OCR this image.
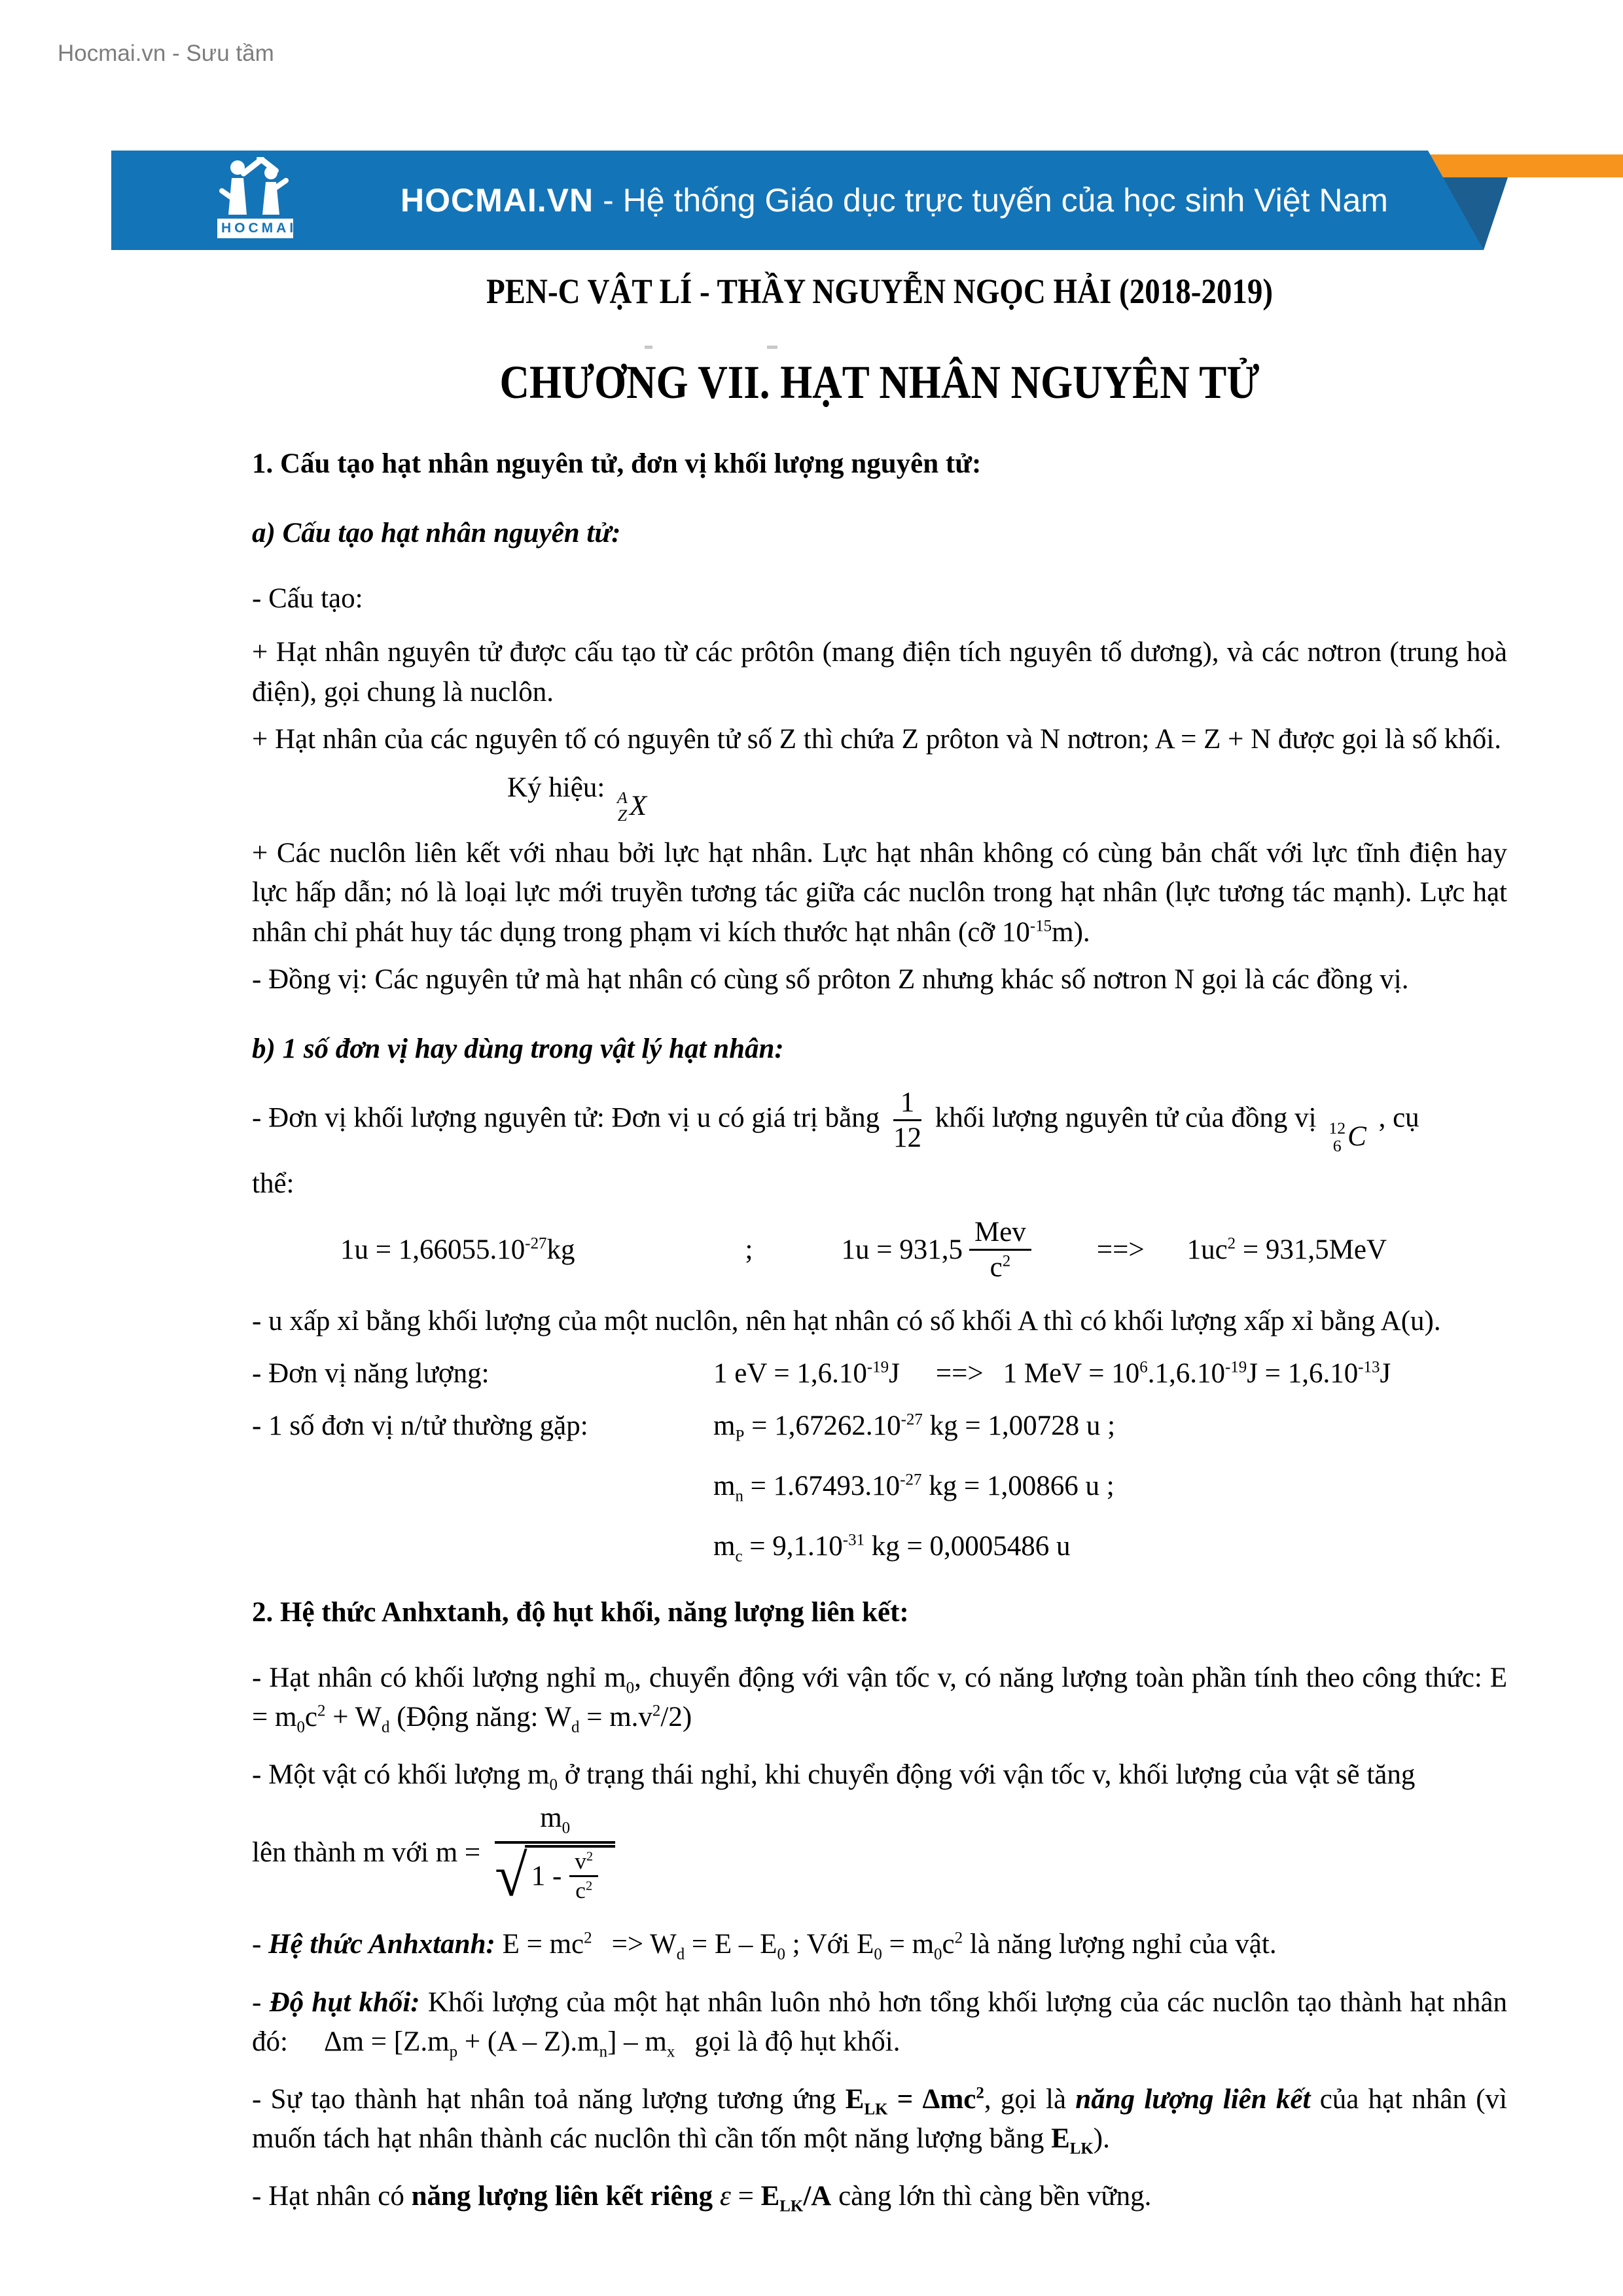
Hocmai.vn - Sưu tầm
HOCMAI
HOCMAI.VN - Hệ thống Giáo dục trực tuyến của học sinh Việt Nam
PEN-C VẬT LÍ - THẦY NGUYỄN NGỌC HẢI (2018-2019)
CHƯƠNG VII. HẠT NHÂN NGUYÊN TỬ
1. Cấu tạo hạt nhân nguyên tử, đơn vị khối lượng nguyên tử:
a) Cấu tạo hạt nhân nguyên tử:
- Cấu tạo:
+ Hạt nhân nguyên tử được cấu tạo từ các prôtôn (mang điện tích nguyên tố dương), và các nơtron (trung hoà điện), gọi chung là nuclôn.
+ Hạt nhân của các nguyên tố có nguyên tử số Z thì chứa Z prôton và N nơtron; A = Z + N được gọi là số khối.
Ký hiệu: A
Z X
+ Các nuclôn liên kết với nhau bởi lực hạt nhân. Lực hạt nhân không có cùng bản chất với lực tĩnh điện hay lực hấp dẫn; nó là loại lực mới truyền tương tác giữa các nuclôn trong hạt nhân (lực tương tác mạnh). Lực hạt nhân chỉ phát huy tác dụng trong phạm vi kích thước hạt nhân (cỡ $10^{-15}m$).
- Đồng vị: Các nguyên tử mà hạt nhân có cùng số prôton Z nhưng khác số nơtron N gọi là các đồng vị.
b) 1 số đơn vị hay dùng trong vật lý hạt nhân:
- Đơn vị khối lượng nguyên tử: Đơn vị u có giá trị bằng $\frac{1}{12}$ khối lượng nguyên tử của đồng vị 12
6 C
, cụ
thể:
$1u = 1,66055.10^{-27}kg$	;	$1u = 931,5 \frac{\text{Mev}}{c^2}$ ==> $1uc^2 = 931,5MeV$
- u xấp xỉ bằng khối lượng của một nuclôn, nên hạt nhân có số khối A thì có khối lượng xấp xỉ bằng A(u).
- Đơn vị năng lượng:	1 eV = $1,6.10^{-19}J$ ==> 1 MeV = $10^6.1,6.10^{-19}J = 1,6.10^{-13}J$
- 1 số đơn vị n/tử thường gặp:	$m_P = 1,67262.10^{-27}$ kg = 1,00728 u ;
$m_n = 1.67493.10^{-27}$ kg = 1,00866 u ;
$m_c = 9,1.10^{-31}$ kg = 0,0005486 u
2. Hệ thức Anhxtanh, độ hụt khối, năng lượng liên kết:
- Hạt nhân có khối lượng nghỉ $m_0$, chuyển động với vận tốc v, có năng lượng toàn phần tính theo công thức: $E = m_0c^2 + W_d$ (Động năng: $W_d = m.v^2/2$)
- Một vật có khối lượng $m_0$ ở trạng thái nghỉ, khi chuyển động với vận tốc v, khối lượng của vật sẽ tăng
lên thành m với $m = \frac{m_0}{√ 1 - \frac{v^2}{c^2}}$
- Hệ thức Anhxtanh: $E = mc^2 => W_d = E - E_0$ ; Với $E_0 = m_0c^2$ là năng lượng nghỉ của vật.
- Độ hụt khối: Khối lượng của một hạt nhân luôn nhỏ hơn tổng khối lượng của các nuclôn tạo thành hạt nhân đó: $\Delta m = [Z.m_p + (A - Z).m_n] - m_x$ gọi là độ hụt khối.
- Sự tạo thành hạt nhân toả năng lượng tương ứng $E_{LK} = \Delta mc^2$, gọi là năng lượng liên kết của hạt nhân (vì muốn tách hạt nhân thành các nuclôn thì cần tốn một năng lượng bằng $E_{LK}$).
- Hạt nhân có năng lượng liên kết riêng $\varepsilon = E_{LK}/A$ càng lớn thì càng bền vững.
